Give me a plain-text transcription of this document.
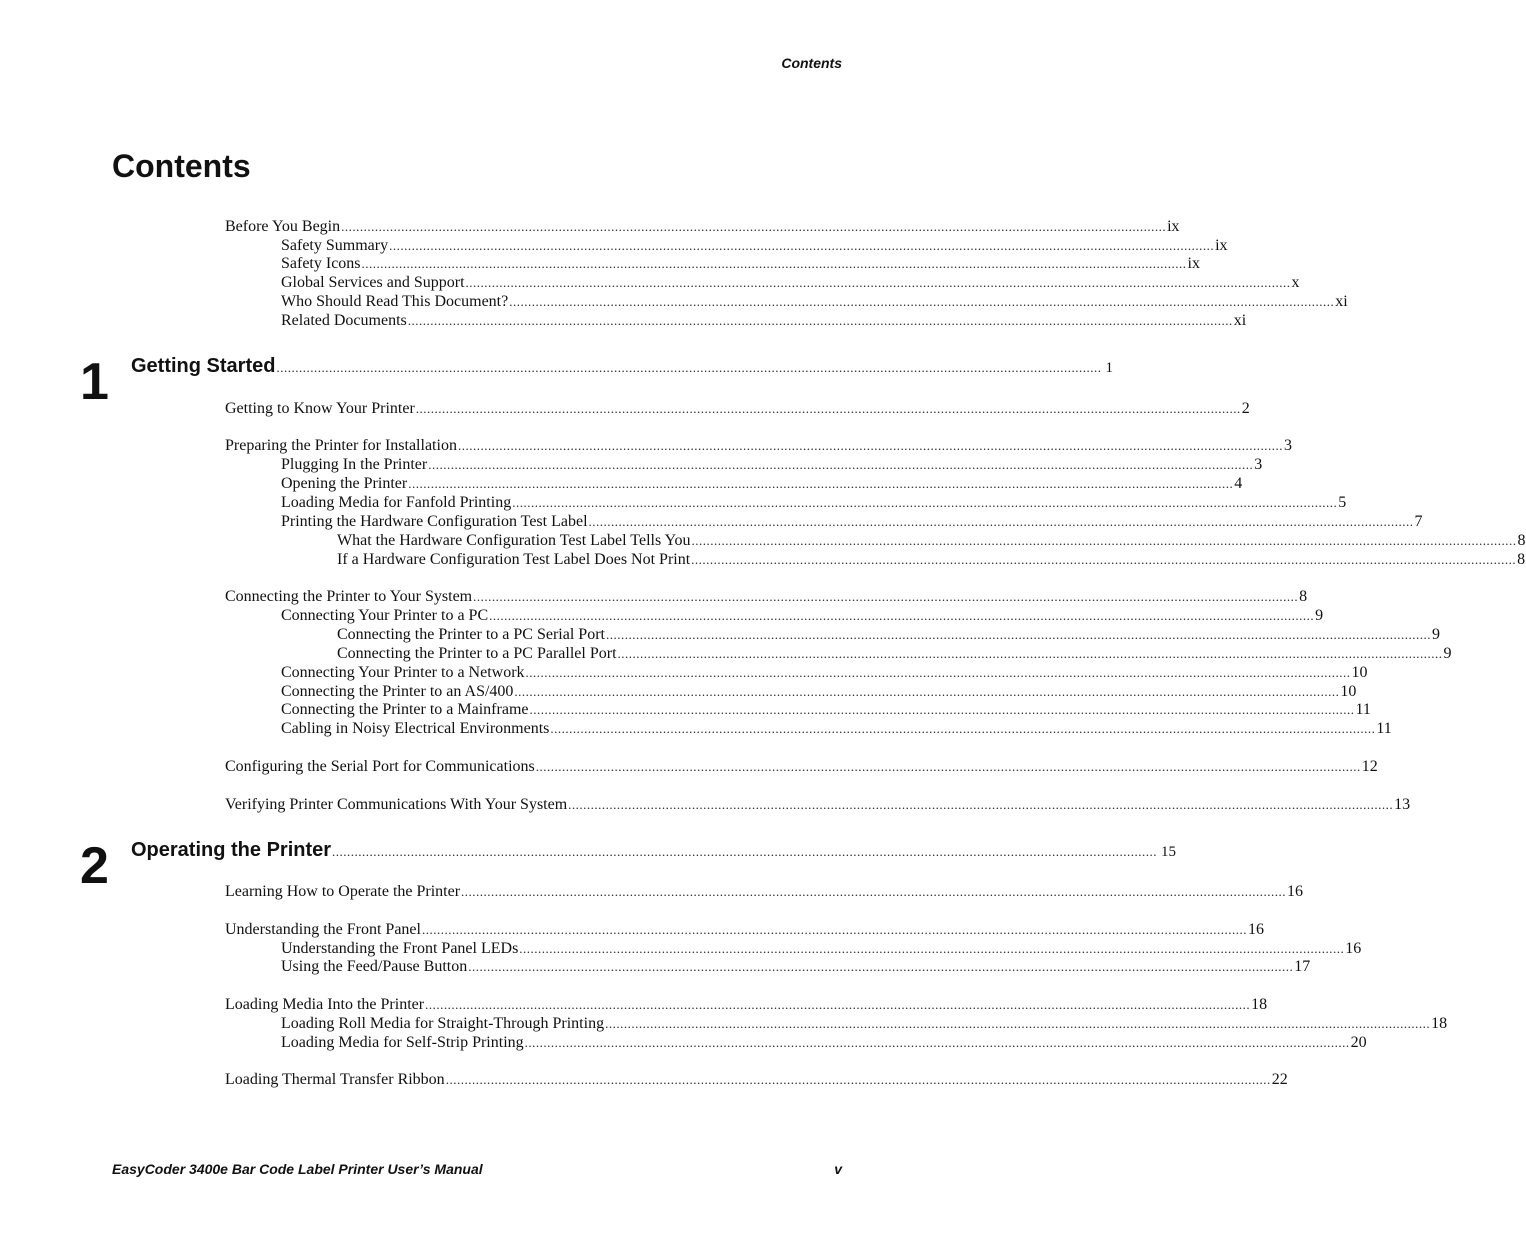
Contents
Contents
Before You Begin ............................................................................................................................................................................................................................ ix
Safety Summary ............................................................................................................................................................................................................................ ix
Safety Icons ............................................................................................................................................................................................................................ ix
Global Services and Support ............................................................................................................................................................................................................................ x
Who Should Read This Document? ............................................................................................................................................................................................................................ xi
Related Documents ............................................................................................................................................................................................................................ xi
1 Getting Started ............................................................................................................................................................................................................................ 1
Getting to Know Your Printer ............................................................................................................................................................................................................................ 2
Preparing the Printer for Installation ............................................................................................................................................................................................................................ 3
Plugging In the Printer ............................................................................................................................................................................................................................ 3
Opening the Printer ............................................................................................................................................................................................................................ 4
Loading Media for Fanfold Printing ............................................................................................................................................................................................................................ 5
Printing the Hardware Configuration Test Label ............................................................................................................................................................................................................................ 7
What the Hardware Configuration Test Label Tells You ............................................................................................................................................................................................................................ 8
If a Hardware Configuration Test Label Does Not Print ............................................................................................................................................................................................................................ 8
Connecting the Printer to Your System ............................................................................................................................................................................................................................ 8
Connecting Your Printer to a PC ............................................................................................................................................................................................................................ 9
Connecting the Printer to a PC Serial Port ............................................................................................................................................................................................................................ 9
Connecting the Printer to a PC Parallel Port ............................................................................................................................................................................................................................ 9
Connecting Your Printer to a Network ............................................................................................................................................................................................................................ 10
Connecting the Printer to an AS/400 ............................................................................................................................................................................................................................ 10
Connecting the Printer to a Mainframe ............................................................................................................................................................................................................................ 11
Cabling in Noisy Electrical Environments ............................................................................................................................................................................................................................ 11
Configuring the Serial Port for Communications ............................................................................................................................................................................................................................ 12
Verifying Printer Communications With Your System ............................................................................................................................................................................................................................ 13
2 Operating the Printer ............................................................................................................................................................................................................................ 15
Learning How to Operate the Printer ............................................................................................................................................................................................................................ 16
Understanding the Front Panel ............................................................................................................................................................................................................................ 16
Understanding the Front Panel LEDs ............................................................................................................................................................................................................................ 16
Using the Feed/Pause Button ............................................................................................................................................................................................................................ 17
Loading Media Into the Printer ............................................................................................................................................................................................................................ 18
Loading Roll Media for Straight-Through Printing ............................................................................................................................................................................................................................ 18
Loading Media for Self-Strip Printing ............................................................................................................................................................................................................................ 20
Loading Thermal Transfer Ribbon ............................................................................................................................................................................................................................ 22
EasyCoder 3400e Bar Code Label Printer User’s Manual	v
